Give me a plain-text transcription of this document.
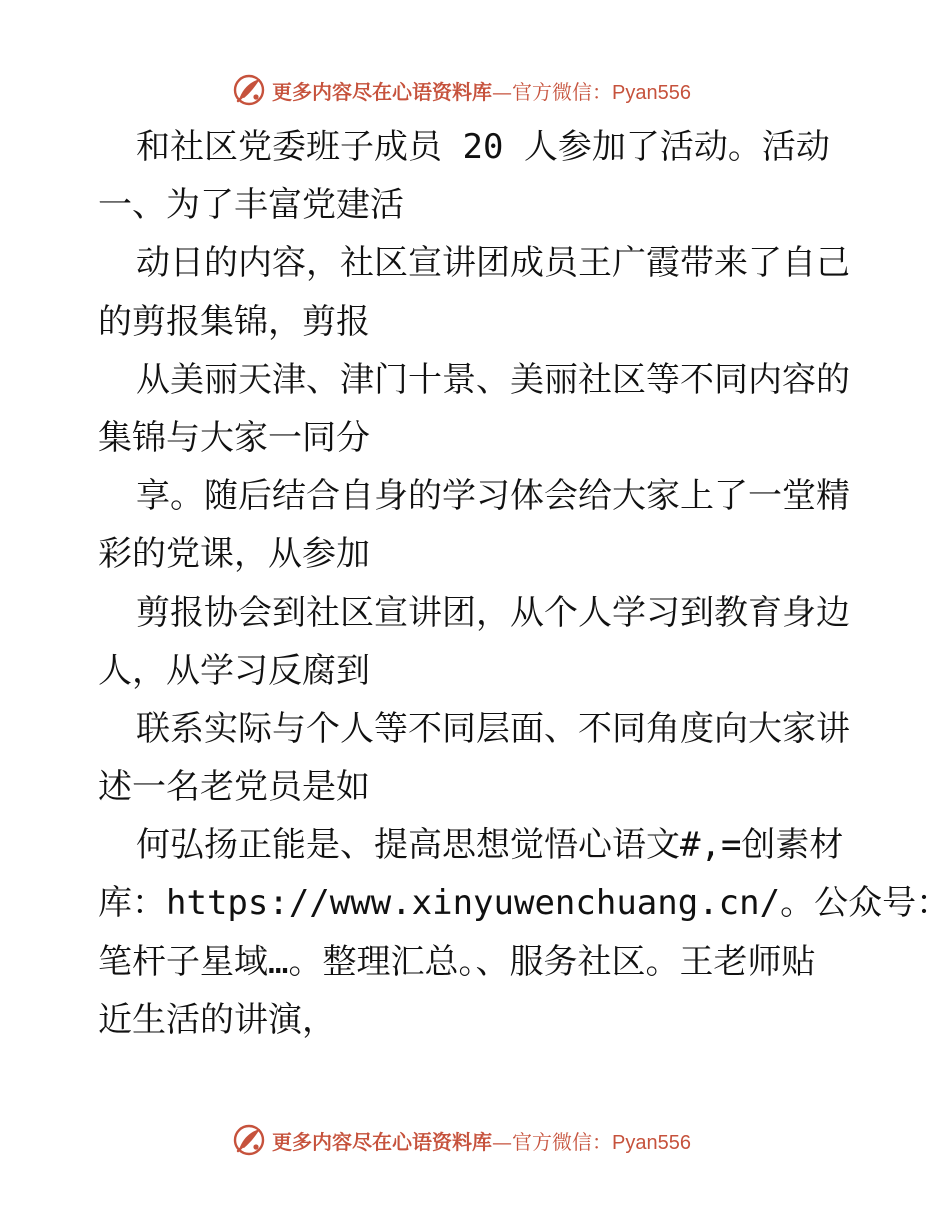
更多内容尽在心语资料库—官方微信：Pyan556
和社区党委班子成员 20 人参加了活动。活动
一、为了丰富党建活
动日的内容，社区宣讲团成员王广霞带来了自己
的剪报集锦，剪报
从美丽天津、津门十景、美丽社区等不同内容的
集锦与大家一同分
享。随后结合自身的学习体会给大家上了一堂精
彩的党课，从参加
剪报协会到社区宣讲团，从个人学习到教育身边
人，从学习反腐到
联系实际与个人等不同层面、不同角度向大家讲
述一名老党员是如
何弘扬正能是、提高思想觉悟心语文#,=创素材
库：https://www.xinyuwenchuang.cn/。公众号：
笔杆子星域…。整理汇总。、服务社区。王老师贴
近生活的讲演，
更多内容尽在心语资料库—官方微信：Pyan556
